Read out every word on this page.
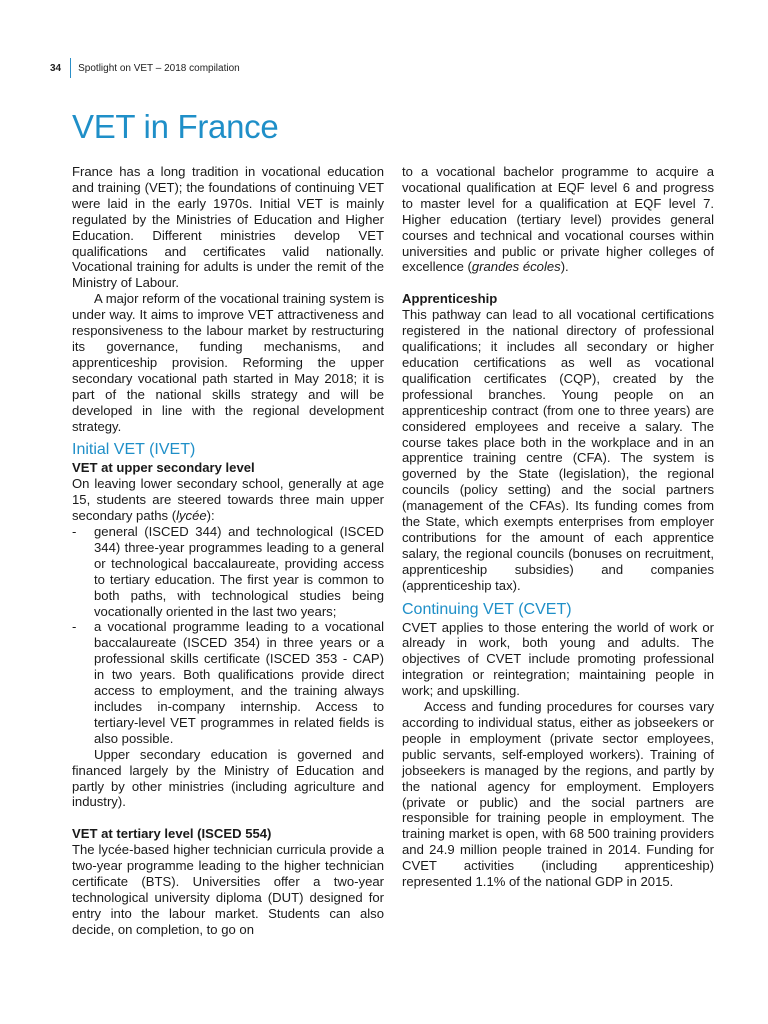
34 Spotlight on VET – 2018 compilation
VET in France

France has a long tradition in vocational education and training (VET); the foundations of continuing VET were laid in the early 1970s. Initial VET is mainly regulated by the Ministries of Education and Higher Education. Different ministries develop VET qualifications and certificates valid nationally. Vocational training for adults is under the remit of the Ministry of Labour.

A major reform of the vocational training system is under way. It aims to improve VET attractiveness and responsiveness to the labour market by restructuring its governance, funding mechanisms, and apprenticeship provision. Reforming the upper secondary vocational path started in May 2018; it is part of the national skills strategy and will be developed in line with the regional development strategy.

Initial VET (IVET)

VET at upper secondary level

On leaving lower secondary school, generally at age 15, students are steered towards three main upper secondary paths (lycée):

-	general (ISCED 344) and technological (ISCED 344) three-year programmes leading to a general or technological baccalaureate, providing access to tertiary education. The first year is common to both paths, with technological studies being vocationally oriented in the last two years;
-	a vocational programme leading to a vocational baccalaureate (ISCED 354) in three years or a professional skills certificate (ISCED 353 - CAP) in two years. Both qualifications provide direct access to employment, and the training always includes in-company internship. Access to tertiary-level VET programmes in related fields is also possible.

Upper secondary education is governed and financed largely by the Ministry of Education and partly by other ministries (including agriculture and industry).

VET at tertiary level (ISCED 554)

The lycée-based higher technician curricula provide a two-year programme leading to the higher technician certificate (BTS). Universities offer a two-year technological university diploma (DUT) designed for entry into the labour market. Students can also decide, on completion, to go on

to a vocational bachelor programme to acquire a vocational qualification at EQF level 6 and progress to master level for a qualification at EQF level 7. Higher education (tertiary level) provides general courses and technical and vocational courses within universities and public or private higher colleges of excellence (grandes écoles).

Apprenticeship

This pathway can lead to all vocational certifications registered in the national directory of professional qualifications; it includes all secondary or higher education certifications as well as vocational qualification certificates (CQP), created by the professional branches. Young people on an apprenticeship contract (from one to three years) are considered employees and receive a salary. The course takes place both in the workplace and in an apprentice training centre (CFA). The system is governed by the State (legislation), the regional councils (policy setting) and the social partners (management of the CFAs). Its funding comes from the State, which exempts enterprises from employer contributions for the amount of each apprentice salary, the regional councils (bonuses on recruitment, apprenticeship subsidies) and companies (apprenticeship tax).

Continuing VET (CVET)

CVET applies to those entering the world of work or already in work, both young and adults. The objectives of CVET include promoting professional integration or reintegration; maintaining people in work; and upskilling.

Access and funding procedures for courses vary according to individual status, either as jobseekers or people in employment (private sector employees, public servants, self-employed workers). Training of jobseekers is managed by the regions, and partly by the national agency for employment. Employers (private or public) and the social partners are responsible for training people in employment. The training market is open, with 68 500 training providers and 24.9 million people trained in 2014. Funding for CVET activities (including apprenticeship) represented 1.1% of the national GDP in 2015.
